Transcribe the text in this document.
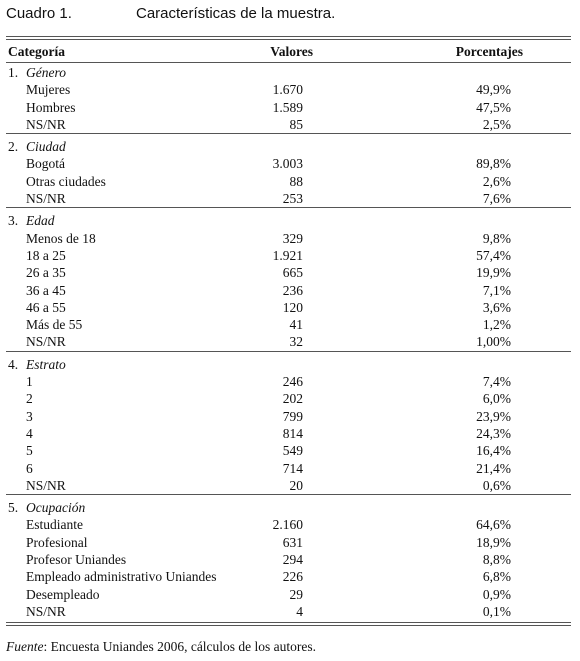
Cuadro 1.	Características de la muestra.
Categoría	Valores	Porcentajes
1. Género
Mujeres	1.670	49,9%
Hombres	1.589	47,5%
NS/NR	85	2,5%
2. Ciudad
Bogotá	3.003	89,8%
Otras ciudades	88	2,6%
NS/NR	253	7,6%
3. Edad
Menos de 18	329	9,8%
18 a 25	1.921	57,4%
26 a 35	665	19,9%
36 a 45	236	7,1%
46 a 55	120	3,6%
Más de 55	41	1,2%
NS/NR	32	1,00%
4. Estrato
1	246	7,4%
2	202	6,0%
3	799	23,9%
4	814	24,3%
5	549	16,4%
6	714	21,4%
NS/NR	20	0,6%
5. Ocupación
Estudiante	2.160	64,6%
Profesional	631	18,9%
Profesor Uniandes	294	8,8%
Empleado administrativo Uniandes	226	6,8%
Desempleado	29	0,9%
NS/NR	4	0,1%
Fuente: Encuesta Uniandes 2006, cálculos de los autores.
